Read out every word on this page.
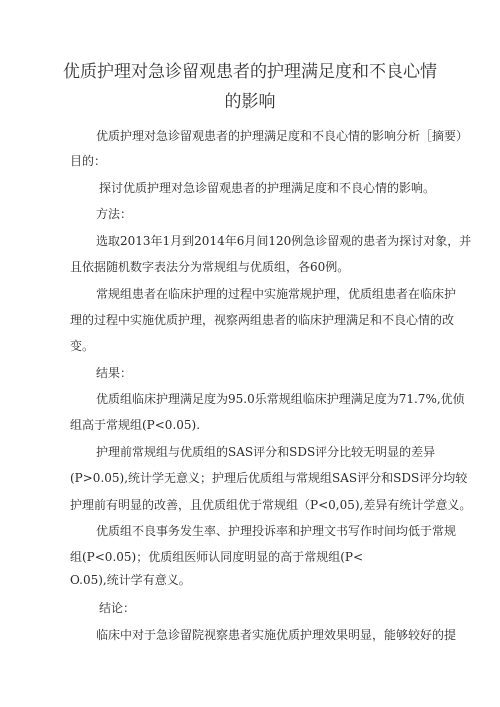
优质护理对急诊留观患者的护理满足度和不良心情
的影响
优质护理对急诊留观患者的护理满足度和不良心情的影响分析［摘要）
目的：
探讨优质护理对急诊留观患者的护理满足度和不良心情的影响。
方法：
选取2013年1月到2014年6月间120例急诊留观的患者为探讨对象，并
且依据随机数字表法分为常规组与优质组，各60例。
常规组患者在临床护理的过程中实施常规护理，优质组患者在临床护
理的过程中实施优质护理，视察两组患者的临床护理满足和不良心情的改
变。
结果：
优质组临床护理满足度为95.0乐常规组临床护理满足度为71.7%,优侦
组高于常规组(P<0.05).
护理前常规组与优质组的SAS评分和SDS评分比较无明显的差异
(P>0.05),统计学无意义；护理后优质组与常规组SAS评分和SDS评分均较
护理前有明显的改善，且优质组优于常规组（P<0,05),差异有统计学意义。
优质组不良事务发生率、护理投诉率和护理文书写作时间均低于常规
组(P<0.05)；优质组医师认同度明显的高于常规组(P<
O.05),统计学有意义。
结论：
临床中对于急诊留院视察患者实施优质护理效果明显，能够较好的提
